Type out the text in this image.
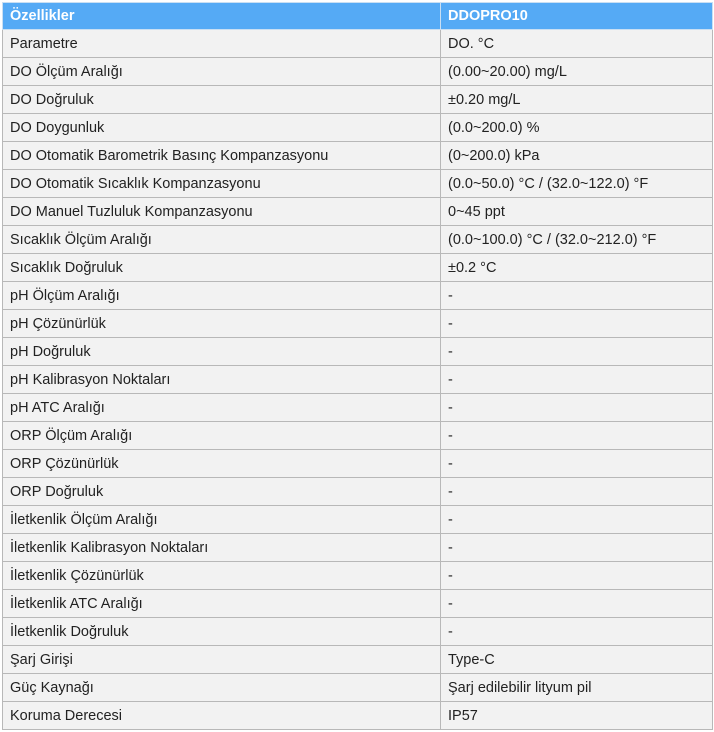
Özellikler	DDOPRO10
Parametre	DO. °C
DO Ölçüm Aralığı	(0.00~20.00) mg/L
DO Doğruluk	±0.20 mg/L
DO Doygunluk	(0.0~200.0) %
DO Otomatik Barometrik Basınç Kompanzasyonu	(0~200.0) kPa
DO Otomatik Sıcaklık Kompanzasyonu	(0.0~50.0) °C / (32.0~122.0) °F
DO Manuel Tuzluluk Kompanzasyonu	0~45 ppt
Sıcaklık Ölçüm Aralığı	(0.0~100.0) °C / (32.0~212.0) °F
Sıcaklık Doğruluk	±0.2 °C
pH Ölçüm Aralığı	-
pH Çözünürlük	-
pH Doğruluk	-
pH Kalibrasyon Noktaları	-
pH ATC Aralığı	-
ORP Ölçüm Aralığı	-
ORP Çözünürlük	-
ORP Doğruluk	-
İletkenlik Ölçüm Aralığı	-
İletkenlik Kalibrasyon Noktaları	-
İletkenlik Çözünürlük	-
İletkenlik ATC Aralığı	-
İletkenlik Doğruluk	-
Şarj Girişi	Type-C
Güç Kaynağı	Şarj edilebilir lityum pil
Koruma Derecesi	IP57
